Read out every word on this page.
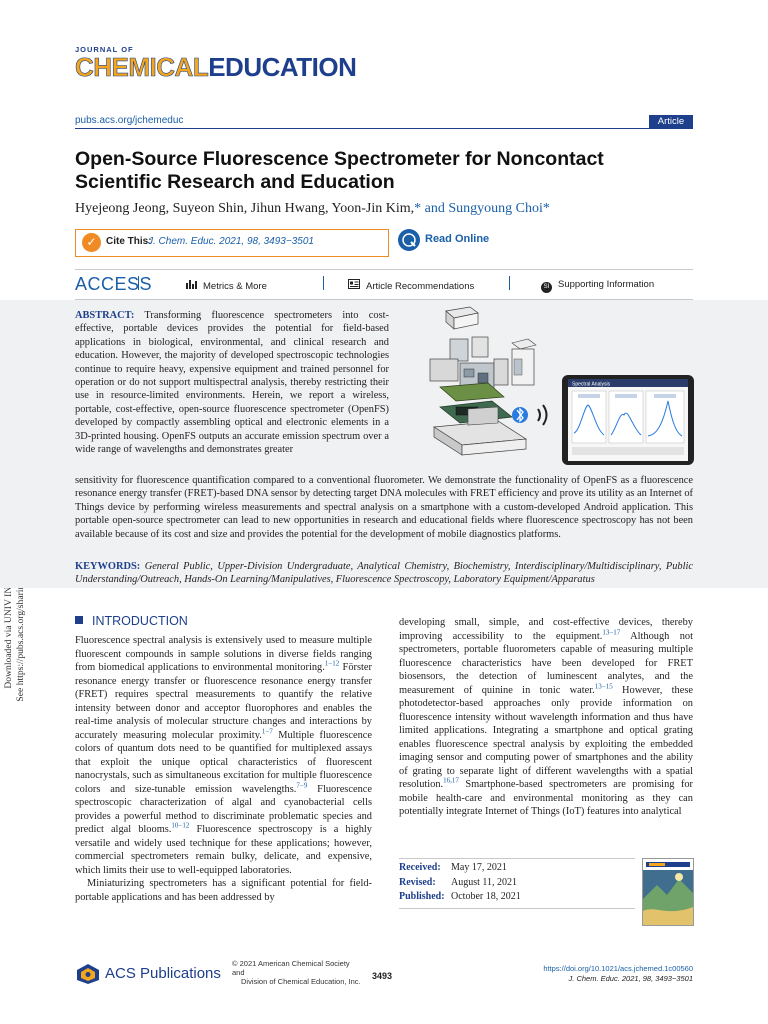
JOURNAL OF
CHEMICALEDUCATION
pubs.acs.org/jchemeduc	Article
Open-Source Fluorescence Spectrometer for Noncontact Scientific Research and Education
Hyejeong Jeong, Suyeon Shin, Jihun Hwang, Yoon-Jin Kim,* and Sungyoung Choi*
✓ Cite This:
J. Chem. Educ. 2021, 98, 3493−3501	Read Online
ACCESS	Metrics & More	Article Recommendations	SI Supporting Information
ABSTRACT: Transforming fluorescence spectrometers into cost-effective, portable devices provides the potential for field-based applications in biological, environmental, and clinical research and education. However, the majority of developed spectroscopic technologies continue to require heavy, expensive equipment and trained personnel for operation or do not support multispectral analysis, thereby restricting their use in resource-limited environments. Herein, we report a wireless, portable, cost-effective, open-source fluorescence spectrometer (OpenFS) developed by compactly assembling optical and electronic elements in a 3D-printed housing. OpenFS outputs an accurate emission spectrum over a wide range of wavelengths and demonstrates greater
Spectral Analysis
sensitivity for fluorescence quantification compared to a conventional fluorometer. We demonstrate the functionality of OpenFS as a fluorescence resonance energy transfer (FRET)-based DNA sensor by detecting target DNA molecules with FRET efficiency and prove its utility as an Internet of Things device by performing wireless measurements and spectral analysis on a smartphone with a custom-developed Android application. This portable open-source spectrometer can lead to new opportunities in research and educational fields where fluorescence spectroscopy has not been available because of its cost and size and provides the potential for the development of mobile diagnostics platforms.
KEYWORDS: General Public, Upper-Division Undergraduate, Analytical Chemistry, Biochemistry, Interdisciplinary/Multidisciplinary, Public Understanding/Outreach, Hands-On Learning/Manipulatives, Fluorescence Spectroscopy, Laboratory Equipment/Apparatus
INTRODUCTION

Fluorescence spectral analysis is extensively used to measure multiple fluorescent compounds in sample solutions in diverse fields ranging from biomedical applications to environmental monitoring.$^{1-12}$ Förster resonance energy transfer or fluorescence resonance energy transfer (FRET) requires spectral measurements to quantify the relative intensity between donor and acceptor fluorophores and enables the real-time analysis of molecular structure changes and interactions by accurately measuring molecular proximity.$^{1-7}$ Multiple fluorescence colors of quantum dots need to be quantified for multiplexed assays that exploit the unique optical characteristics of fluorescent nanocrystals, such as simultaneous excitation for multiple fluorescence colors and size-tunable emission wavelengths.$^{7-9}$ Fluorescence spectroscopic characterization of algal and cyanobacterial cells provides a powerful method to discriminate problematic species and predict algal blooms.$^{10-12}$ Fluorescence spectroscopy is a highly versatile and widely used technique for these applications; however, commercial spectrometers remain bulky, delicate, and expensive, which limits their use to well-equipped laboratories.

Miniaturizing spectrometers has a significant potential for field-portable applications and has been addressed by

developing small, simple, and cost-effective devices, thereby improving accessibility to the equipment.$^{13-17}$ Although not spectrometers, portable fluorometers capable of measuring multiple fluorescence characteristics have been developed for FRET biosensors, the detection of luminescent analytes, and the measurement of quinine in tonic water.$^{13-15}$ However, these photodetector-based approaches only provide information on fluorescence intensity without wavelength information and thus have limited applications. Integrating a smartphone and optical grating enables fluorescence spectral analysis by exploiting the embedded imaging sensor and computing power of smartphones and the ability of grating to separate light of different wavelengths with a spatial resolution.$^{16,17}$ Smartphone-based spectrometers are promising for mobile health-care and environmental monitoring as they can potentially integrate Internet of Things (IoT) features into analytical

Received: May 17, 2021
Revised: August 11, 2021
Published: October 18, 2021
ACS Publications
© 2021 American Chemical Society and
Division of Chemical Education, Inc.
3493
https://doi.org/10.1021/acs.jchemed.1c00560
J. Chem. Educ. 2021, 98, 3493−3501
